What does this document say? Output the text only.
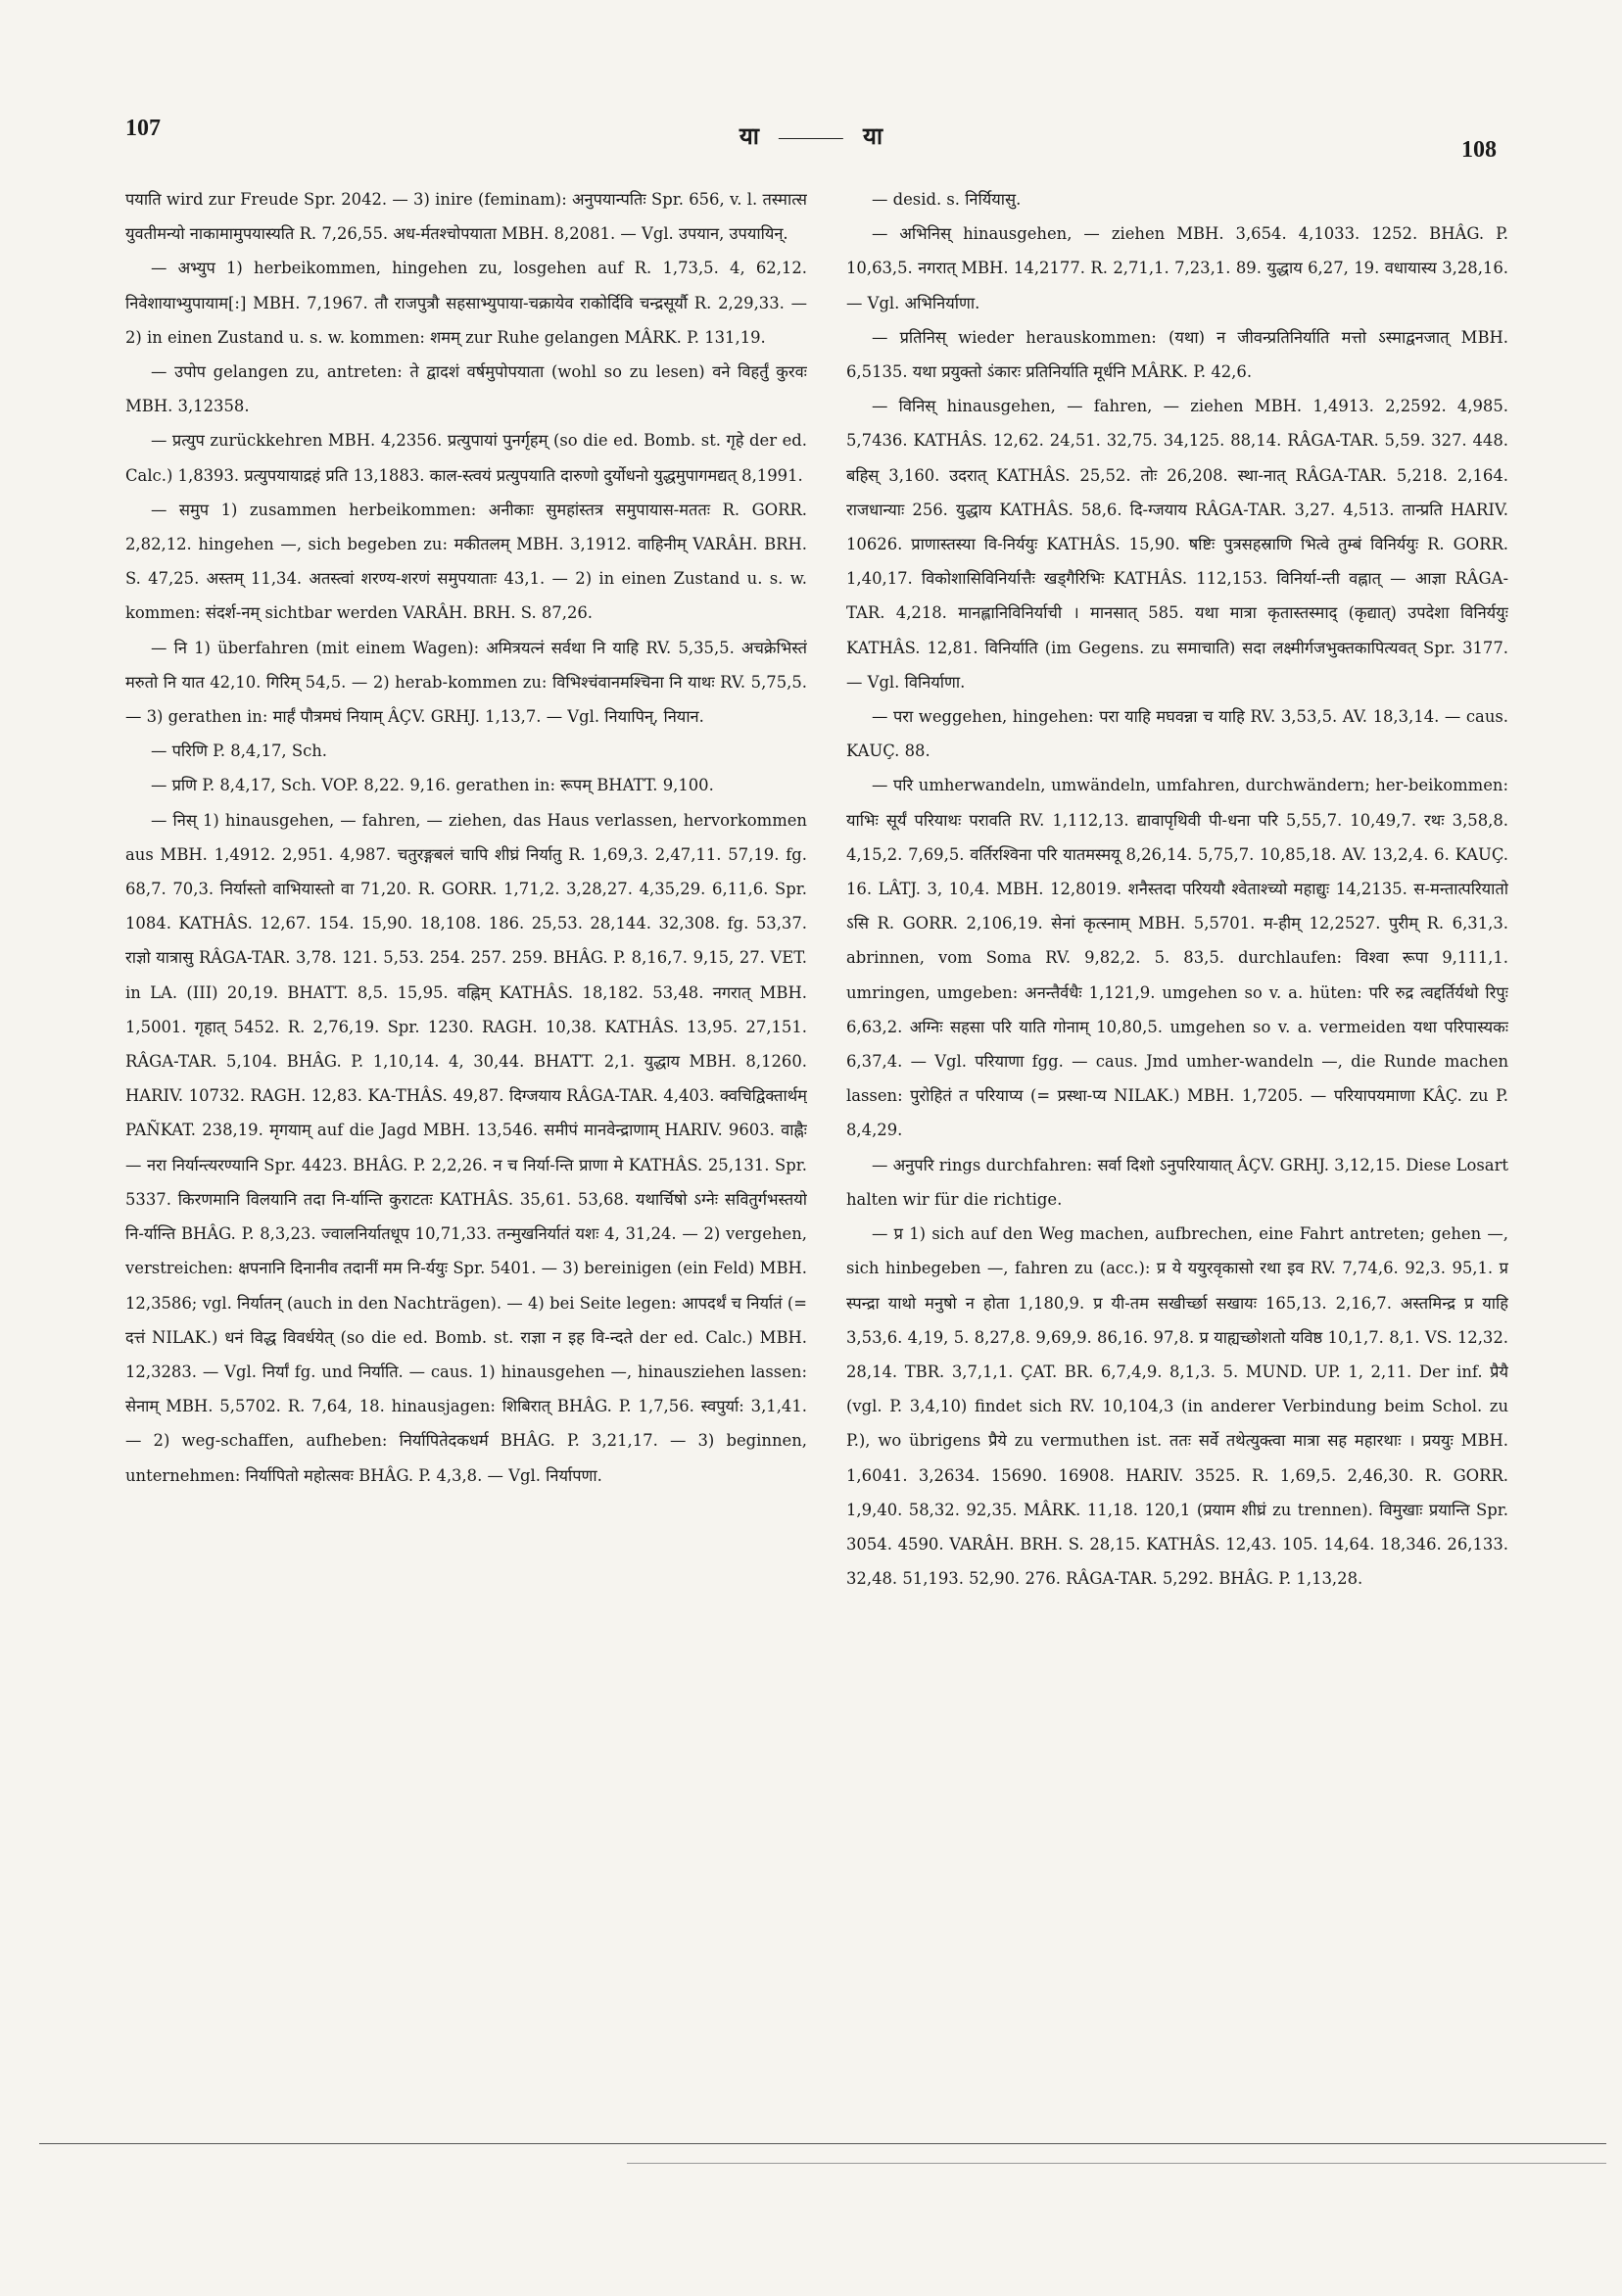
107	या	या	108

पयाति wird zur Freude Spr. 2042. — 3) inire (feminam): अनुपयान्पतिः Spr. 656, v. l. तस्मात्स युवतीमन्यो नाकामामुपयास्यति R. 7,26,55. अध-र्मतश्चोपयाता MBH. 8,2081. — Vgl. उपयान, उपयायिन्.

— अभ्युप 1) herbeikommen, hingehen zu, losgehen auf R. 1,73,5. 4, 62,12. निवेशायाभ्युपायाम[:] MBH. 7,1967. तौ राजपुत्रौ सहसाभ्युपाया-चक्रायेव राकोर्दिवि चन्द्रसूर्यौ R. 2,29,33. — 2) in einen Zustand u. s. w. kommen: शमम् zur Ruhe gelangen MÂRK. P. 131,19.

— उपोप gelangen zu, antreten: ते द्वादशं वर्षमुपोपयाता (wohl so zu lesen) वने विहर्तुं कुरवः MBH. 3,12358.

— प्रत्युप zurückkehren MBH. 4,2356. प्रत्युपायां पुनर्गृहम् (so die ed. Bomb. st. गृहे der ed. Calc.) 1,8393. प्रत्युपयायाद्रहं प्रति 13,1883. काल-स्त्वयं प्रत्युपयाति दारुणो दुर्योधनो युद्धमुपागमद्यत् 8,1991.

— समुप 1) zusammen herbeikommen: अनीकाः सुमहांस्तत्र समुपायास-मततः R. GORR. 2,82,12. hingehen —, sich begeben zu: मकीतलम् MBH. 3,1912. वाहिनीम् VARÂH. BRH. S. 47,25. अस्तम् 11,34. अतस्त्वां शरण्य-शरणं समुपयाताः 43,1. — 2) in einen Zustand u. s. w. kommen: संदर्श-नम् sichtbar werden VARÂH. BRH. S. 87,26.

— नि 1) überfahren (mit einem Wagen): अमित्रयत्नं सर्वथा नि याहि RV. 5,35,5. अचक्रेभिस्तं मरुतो नि यात 42,10. गिरिम् 54,5. — 2) herab-kommen zu: विभिश्चंवानमश्चिना नि याथः RV. 5,75,5. — 3) gerathen in: मार्हं पौत्रमघं नियाम् ÂÇV. GRHJ. 1,13,7. — Vgl. नियापिन्, नियान.

— परिणि P. 8,4,17, Sch.

— प्रणि P. 8,4,17, Sch. VOP. 8,22. 9,16. gerathen in: रूपम् BHATT. 9,100.

— निस् 1) hinausgehen, — fahren, — ziehen, das Haus verlassen, hervorkommen aus MBH. 1,4912. 2,951. 4,987. चतुरङ्गबलं चापि शीघ्रं निर्यातु R. 1,69,3. 2,47,11. 57,19. fg. 68,7. 70,3. निर्यास्तो वाभियास्तो वा 71,20. R. GORR. 1,71,2. 3,28,27. 4,35,29. 6,11,6. Spr. 1084. KATHÂS. 12,67. 154. 15,90. 18,108. 186. 25,53. 28,144. 32,308. fg. 53,37. राज्ञो यात्रासु RÂGA-TAR. 3,78. 121. 5,53. 254. 257. 259. BHÂG. P. 8,16,7. 9,15, 27. VET. in LA. (III) 20,19. BHATT. 8,5. 15,95. वह्निम् KATHÂS. 18,182. 53,48. नगरात् MBH. 1,5001. गृहात् 5452. R. 2,76,19. Spr. 1230. RAGH. 10,38. KATHÂS. 13,95. 27,151. RÂGA-TAR. 5,104. BHÂG. P. 1,10,14. 4, 30,44. BHATT. 2,1. युद्धाय MBH. 8,1260. HARIV. 10732. RAGH. 12,83. KA-THÂS. 49,87. दिग्जयाय RÂGA-TAR. 4,403. क्वचिद्विक्तार्थम् PAÑKAT. 238,19. मृगयाम् auf die Jagd MBH. 13,546. समीपं मानवेन्द्राणाम् HARIV. 9603. वाह्नैः — नरा निर्यान्त्यरण्यानि Spr. 4423. BHÂG. P. 2,2,26. न च निर्या-न्ति प्राणा मे KATHÂS. 25,131. Spr. 5337. किरणमानि विलयानि तदा नि-र्यान्ति कुराटतः KATHÂS. 35,61. 53,68. यथार्चिषो ऽग्नेः सवितुर्गभस्तयो नि-र्यान्ति BHÂG. P. 8,3,23. ज्वालनिर्यातधूप 10,71,33. तन्मुखनिर्यातं यशः 4, 31,24. — 2) vergehen, verstreichen: क्षपनानि दिनानीव तदानीं मम नि-र्ययुः Spr. 5401. — 3) bereinigen (ein Feld) MBH. 12,3586; vgl. निर्यातन् (auch in den Nachträgen). — 4) bei Seite legen: आपदर्थं च निर्यातं (= दत्तं NILAK.) धनं विद्ध विवर्धयेत् (so die ed. Bomb. st. राज्ञा न इह वि-न्दते der ed. Calc.) MBH. 12,3283. — Vgl. निर्यां fg. und निर्याति. — caus. 1) hinausgehen —, hinausziehen lassen: सेनाम् MBH. 5,5702. R. 7,64, 18. hinausjagen: शिबिरात् BHÂG. P. 1,7,56. स्वपुर्या: 3,1,41. — 2) weg-schaffen, aufheben: निर्यापितेदकधर्म BHÂG. P. 3,21,17. — 3) beginnen, unternehmen: निर्यापितो महोत्सवः BHÂG. P. 4,3,8. — Vgl. निर्यापणा.

— desid. s. निर्यियासु.

— अभिनिस् hinausgehen, — ziehen MBH. 3,654. 4,1033. 1252. BHÂG. P. 10,63,5. नगरात् MBH. 14,2177. R. 2,71,1. 7,23,1. 89. युद्धाय 6,27, 19. वधायास्य 3,28,16. — Vgl. अभिनिर्याणा.

— प्रतिनिस् wieder herauskommen: (यथा) न जीवन्प्रतिनिर्याति मत्तो ऽस्माद्वनजात् MBH. 6,5135. यथा प्रयुक्तो ऽंकारः प्रतिनिर्याति मूर्धनि MÂRK. P. 42,6.

— विनिस् hinausgehen, — fahren, — ziehen MBH. 1,4913. 2,2592. 4,985. 5,7436. KATHÂS. 12,62. 24,51. 32,75. 34,125. 88,14. RÂGA-TAR. 5,59. 327. 448. बहिस् 3,160. उदरात् KATHÂS. 25,52. तोः 26,208. स्था-नात् RÂGA-TAR. 5,218. 2,164. राजधान्याः 256. युद्धाय KATHÂS. 58,6. दि-ग्जयाय RÂGA-TAR. 3,27. 4,513. तान्प्रति HARIV. 10626. प्राणास्तस्या वि-निर्ययुः KATHÂS. 15,90. षष्टिः पुत्रसहस्राणि भित्वे तुम्बं विनिर्ययुः R. GORR. 1,40,17. विकोशासिविनिर्यात्तैः खड्गैरिभिः KATHÂS. 112,153. विनिर्या-न्ती वह्नात् — आज्ञा RÂGA-TAR. 4,218. मानह्लानिविनिर्याची । मानसात् 585. यथा मात्रा कृतास्तस्माद् (कृद्यात्) उपदेशा विनिर्ययुः KATHÂS. 12,81. विनिर्याति (im Gegens. zu समाचाति) सदा लक्ष्मीर्गजभुक्तकापित्यवत् Spr. 3177. — Vgl. विनिर्याणा.

— परा weggehen, hingehen: परा याहि मघवन्ना च याहि RV. 3,53,5. AV. 18,3,14. — caus. KAUÇ. 88.

— परि umherwandeln, umwändeln, umfahren, durchwändern; her-beikommen: याभिः सूर्यं परियाथः परावति RV. 1,112,13. द्यावापृथिवी पी-धना परि 5,55,7. 10,49,7. रथः 3,58,8. 4,15,2. 7,69,5. वर्तिरश्विना परि यातमस्मयू 8,26,14. 5,75,7. 10,85,18. AV. 13,2,4. 6. KAUÇ. 16. LÂTJ. 3, 10,4. MBH. 12,8019. शनैस्तदा परिययौ श्वेताश्च्यो महाद्युः 14,2135. स-मन्तात्परियातो ऽसि R. GORR. 2,106,19. सेनां कृत्स्नाम् MBH. 5,5701. म-हीम् 12,2527. पुरीम् R. 6,31,3. abrinnen, vom Soma RV. 9,82,2. 5. 83,5. durchlaufen: विश्वा रूपा 9,111,1. umringen, umgeben: अनन्तैर्वधैः 1,121,9. umgehen so v. a. hüten: परि रुद्र त्वद्दर्तिर्यथो रिपुः 6,63,2. अग्निः सहसा परि याति गोनाम् 10,80,5. umgehen so v. a. vermeiden यथा परिपास्यकः 6,37,4. — Vgl. परियाणा fgg. — caus. Jmd umher-wandeln —, die Runde machen lassen: पुरोहितं त परियाप्य (= प्रस्था-प्य NILAK.) MBH. 1,7205. — परियापयमाणा KÂÇ. zu P. 8,4,29.

— अनुपरि rings durchfahren: सर्वा दिशो ऽनुपरियायात् ÂÇV. GRHJ. 3,12,15. Diese Losart halten wir für die richtige.

— प्र 1) sich auf den Weg machen, aufbrechen, eine Fahrt antreten; gehen —, sich hinbegeben —, fahren zu (acc.): प्र ये ययुरवृकासो रथा इव RV. 7,74,6. 92,3. 95,1. प्र स्पन्द्रा याथो मनुषो न होता 1,180,9. प्र यी-तम सखीर्च्छा सखायः 165,13. 2,16,7. अस्तमिन्द्र प्र याहि 3,53,6. 4,19, 5. 8,27,8. 9,69,9. 86,16. 97,8. प्र याह्यच्छोशतो यविष्ठ 10,1,7. 8,1. VS. 12,32. 28,14. TBR. 3,7,1,1. ÇAT. BR. 6,7,4,9. 8,1,3. 5. MUND. UP. 1, 2,11. Der inf. प्रैयै (vgl. P. 3,4,10) findet sich RV. 10,104,3 (in anderer Verbindung beim Schol. zu P.), wo übrigens प्रैये zu vermuthen ist. ततः सर्वे तथेत्युक्त्वा मात्रा सह महारथाः । प्रययुः MBH. 1,6041. 3,2634. 15690. 16908. HARIV. 3525. R. 1,69,5. 2,46,30. R. GORR. 1,9,40. 58,32. 92,35. MÂRK. 11,18. 120,1 (प्रयाम शीघ्रं zu trennen). विमुखाः प्रयान्ति Spr. 3054. 4590. VARÂH. BRH. S. 28,15. KATHÂS. 12,43. 105. 14,64. 18,346. 26,133. 32,48. 51,193. 52,90. 276. RÂGA-TAR. 5,292. BHÂG. P. 1,13,28.
